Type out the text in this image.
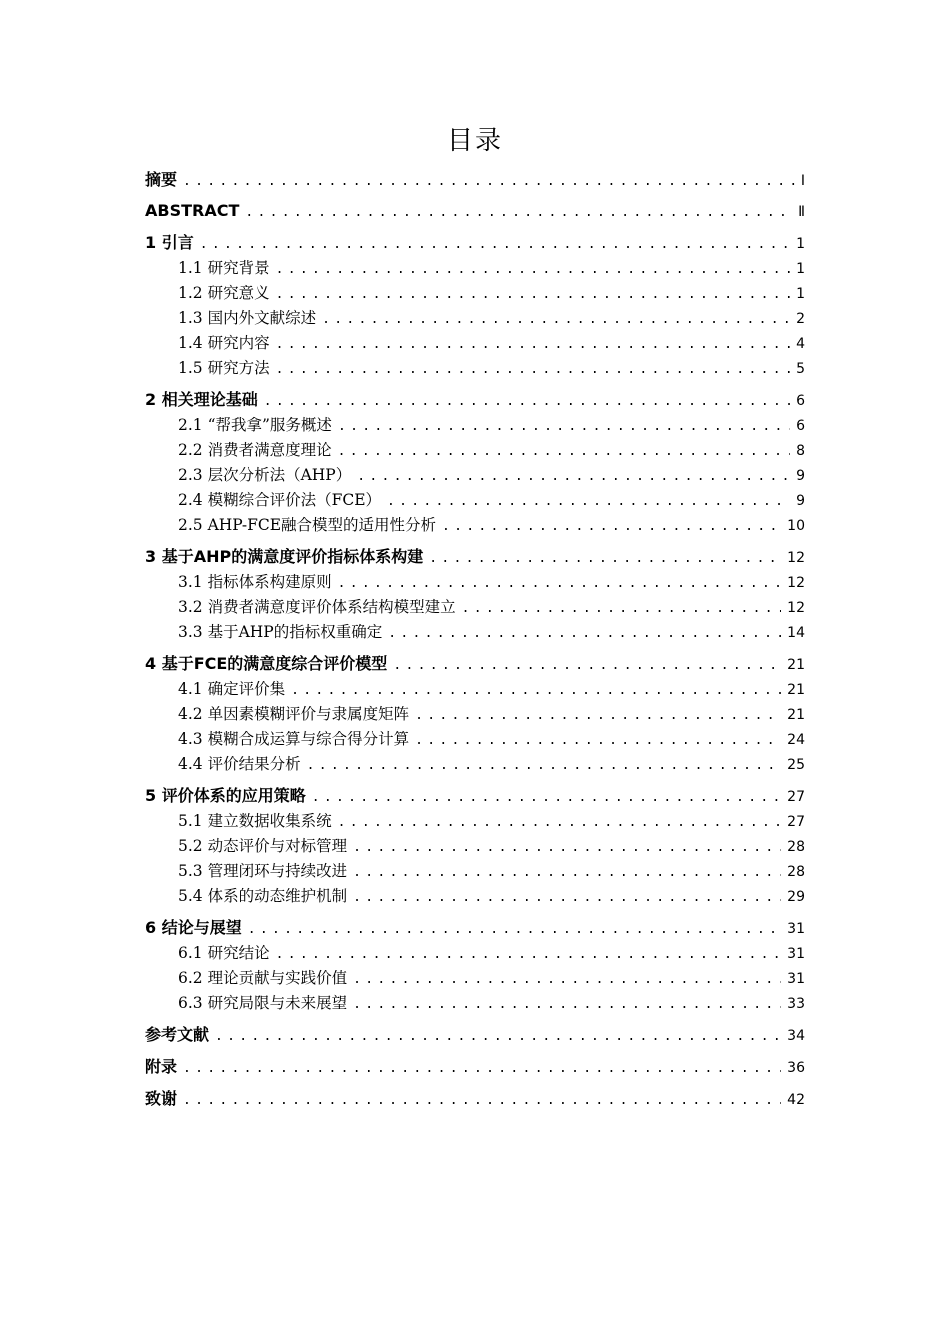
目录
摘要 .....	Ⅰ
ABSTRACT .....	Ⅱ
1 引言 .....	1
1.1 研究背景 .....	1
1.2 研究意义 .....	1
1.3 国内外文献综述 .....	2
1.4 研究内容 .....	4
1.5 研究方法 .....	5
2 相关理论基础 .....	6
2.1 “帮我拿”服务概述 .....	6
2.2 消费者满意度理论 .....	8
2.3 层次分析法（AHP） .....	9
2.4 模糊综合评价法（FCE） .....	9
2.5 AHP-FCE融合模型的适用性分析 .....	10
3 基于AHP的满意度评价指标体系构建 .....	12
3.1 指标体系构建原则 .....	12
3.2 消费者满意度评价体系结构模型建立 .....	12
3.3 基于AHP的指标权重确定 .....	14
4 基于FCE的满意度综合评价模型 .....	21
4.1 确定评价集 .....	21
4.2 单因素模糊评价与隶属度矩阵 .....	21
4.3 模糊合成运算与综合得分计算 .....	24
4.4 评价结果分析 .....	25
5 评价体系的应用策略 .....	27
5.1 建立数据收集系统 .....	27
5.2 动态评价与对标管理 .....	28
5.3 管理闭环与持续改进 .....	28
5.4 体系的动态维护机制 .....	29
6 结论与展望 .....	31
6.1 研究结论 .....	31
6.2 理论贡献与实践价值 .....	31
6.3 研究局限与未来展望 .....	33
参考文献 .....	34
附录 .....	36
致谢 .....	42
